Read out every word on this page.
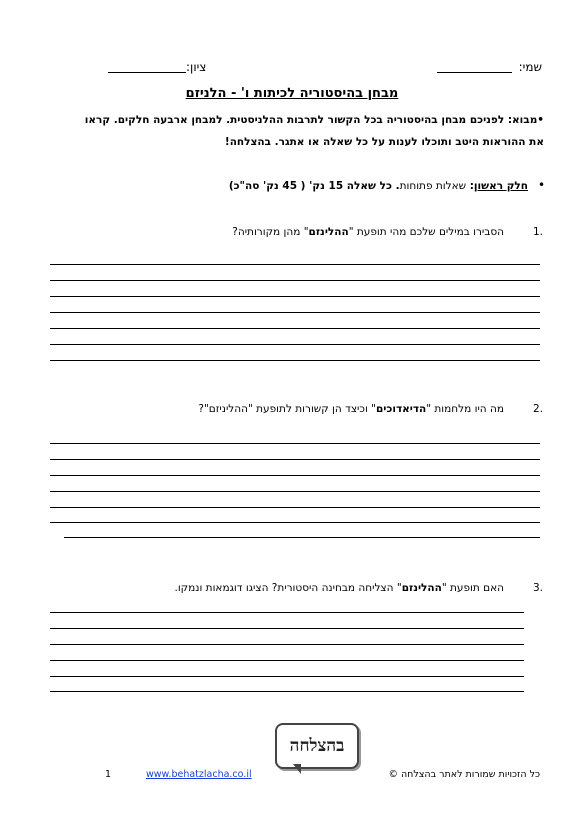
שמי:
ציון:
מבחן בהיסטוריה לכיתות ו' - הלניזם
•מבוא: לפניכם מבחן בהיסטוריה בכל הקשור לתרבות ההלניסטית. למבחן ארבעה חלקים. קראו
את ההוראות היטב ותוכלו לענות על כל שאלה או אתגר. בהצלחה!
•
חלק ראשון: שאלות פתוחות. כל שאלה 15 נק' ( 45 נק' סה"כ)
1.
הסבירו במילים שלכם מהי תופעת "ההלינזם" מהן מקורותיה?
2.
מה היו מלחמות "הדיאדוכים" וכיצד הן קשורות לתופעת "ההליניזם"?
3.
האם תופעת "ההלינזם" הצליחה מבחינה היסטורית? הציגו דוגמאות ונמקו.
בהצלחה
1	www.behatzlacha.co.il	כל הזכויות שמורות לאתר בהצלחה ©
